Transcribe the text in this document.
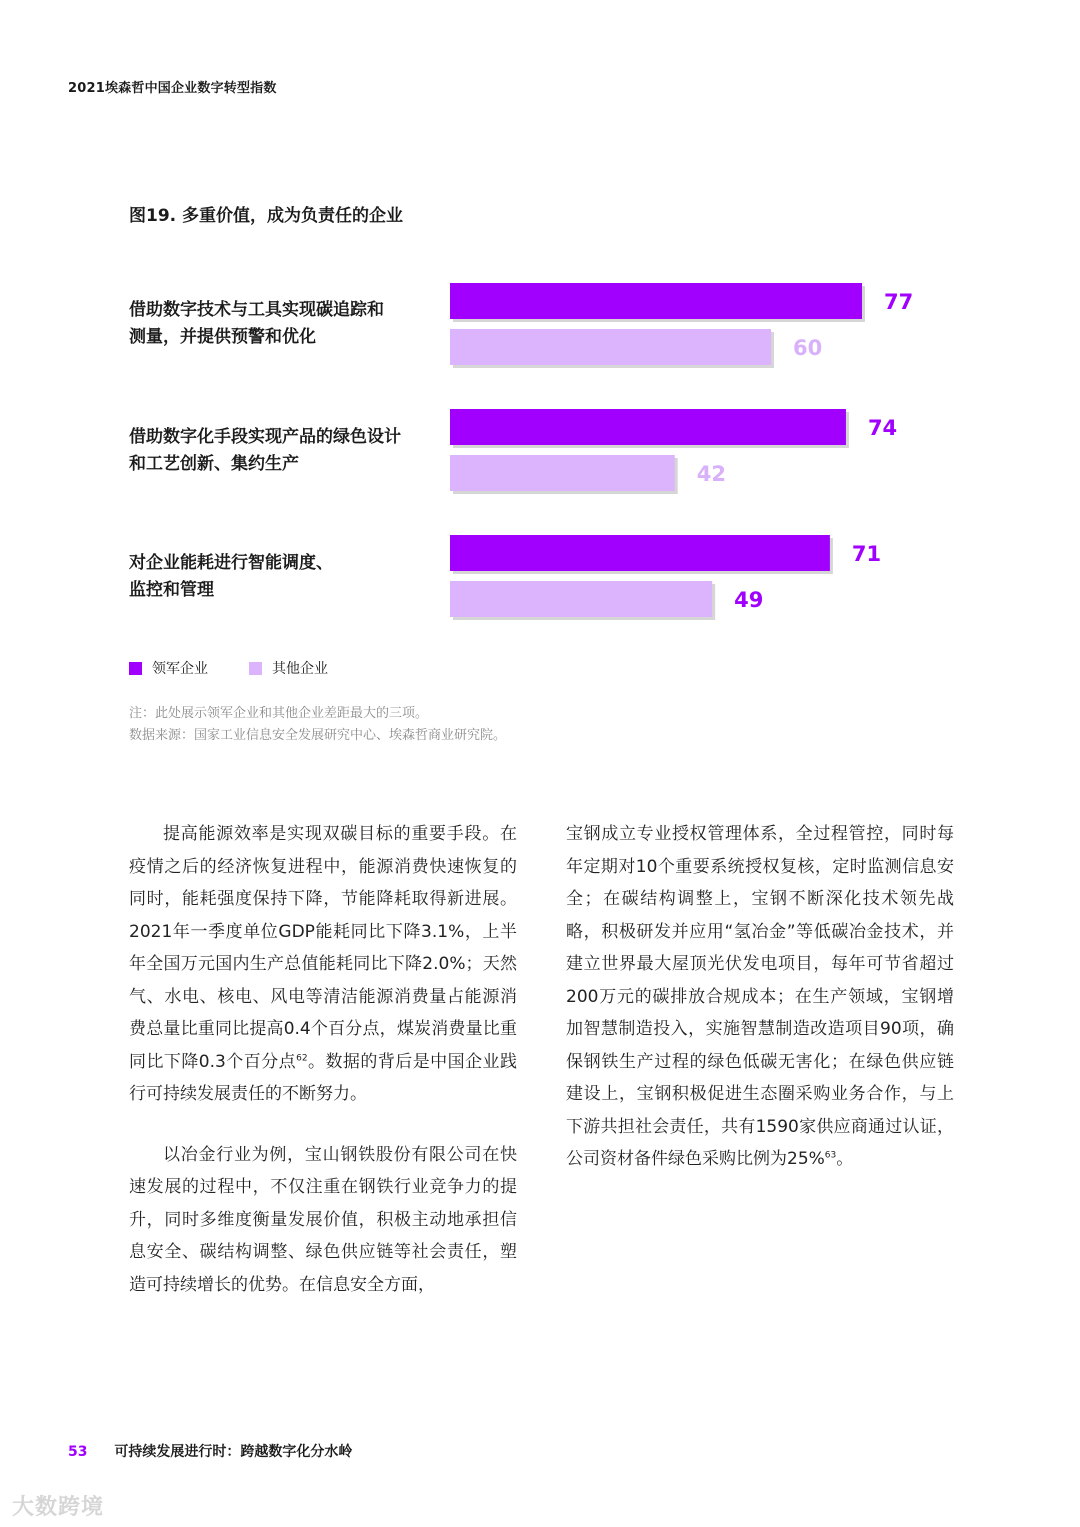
2021埃森哲中国企业数字转型指数
图19. 多重价值，成为负责任的企业
77
74
71
60
42
49
借助数字技术与工具实现碳追踪和
测量，并提供预警和优化
借助数字化手段实现产品的绿色设计
和工艺创新、集约生产
对企业能耗进行智能调度、
监控和管理
领军企业	其他企业
注：此处展示领军企业和其他企业差距最大的三项。
数据来源：国家工业信息安全发展研究中心、埃森哲商业研究院。

提高能源效率是实现双碳目标的重要手段。在疫情之后的经济恢复进程中，能源消费快速恢复的同时，能耗强度保持下降，节能降耗取得新进展。2021年一季度单位GDP能耗同比下降3.1%，上半年全国万元国内生产总值能耗同比下降2.0%；天然气、水电、核电、风电等清洁能源消费量占能源消费总量比重同比提高0.4个百分点，煤炭消费量比重同比下降0.3个百分点$^{62}$。数据的背后是中国企业践行可持续发展责任的不断努力。

以冶金行业为例，宝山钢铁股份有限公司在快速发展的过程中，不仅注重在钢铁行业竞争力的提升，同时多维度衡量发展价值，积极主动地承担信息安全、碳结构调整、绿色供应链等社会责任，塑造可持续增长的优势。在信息安全方面，

宝钢成立专业授权管理体系，全过程管控，同时每年定期对10个重要系统授权复核，定时监测信息安全；在碳结构调整上，宝钢不断深化技术领先战略，积极研发并应用“氢冶金”等低碳冶金技术，并建立世界最大屋顶光伏发电项目，每年可节省超过200万元的碳排放合规成本；在生产领域，宝钢增加智慧制造投入，实施智慧制造改造项目90项，确保钢铁生产过程的绿色低碳无害化；在绿色供应链建设上，宝钢积极促进生态圈采购业务合作，与上下游共担社会责任，共有1590家供应商通过认证，公司资材备件绿色采购比例为25%$^{63}$。

53 可持续发展进行时：跨越数字化分水岭
大数跨境
